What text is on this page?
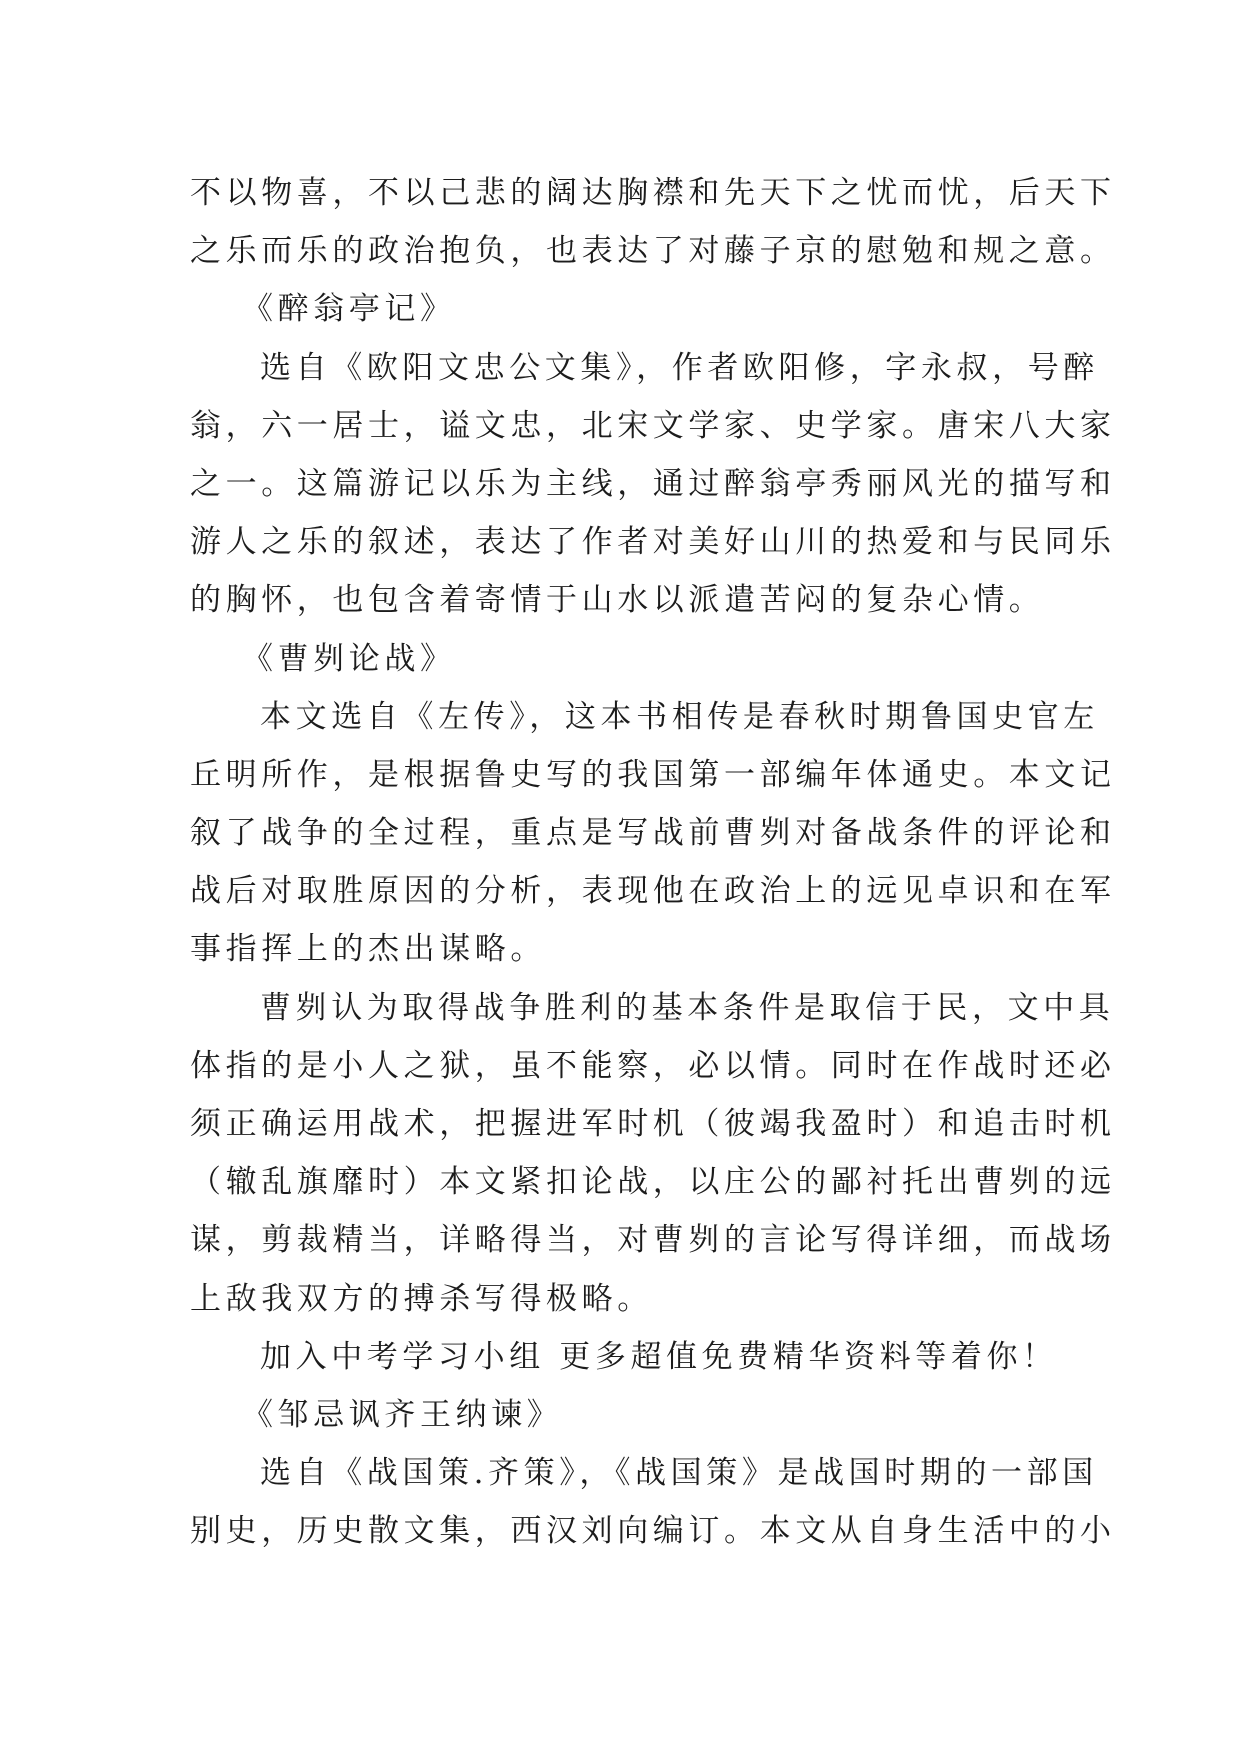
不以物喜，不以己悲的阔达胸襟和先天下之忧而忧，后天下
之乐而乐的政治抱负，也表达了对藤子京的慰勉和规之意。
《醉翁亭记》
选自《欧阳文忠公文集》，作者欧阳修，字永叔，号醉
翁，六一居士，谥文忠，北宋文学家、史学家。唐宋八大家
之一。这篇游记以乐为主线，通过醉翁亭秀丽风光的描写和
游人之乐的叙述，表达了作者对美好山川的热爱和与民同乐
的胸怀，也包含着寄情于山水以派遣苦闷的复杂心情。
《曹刿论战》
本文选自《左传》，这本书相传是春秋时期鲁国史官左
丘明所作，是根据鲁史写的我国第一部编年体通史。本文记
叙了战争的全过程，重点是写战前曹刿对备战条件的评论和
战后对取胜原因的分析，表现他在政治上的远见卓识和在军
事指挥上的杰出谋略。
曹刿认为取得战争胜利的基本条件是取信于民，文中具
体指的是小人之狱，虽不能察，必以情。同时在作战时还必
须正确运用战术，把握进军时机（彼竭我盈时）和追击时机
（辙乱旗靡时）本文紧扣论战，以庄公的鄙衬托出曹刿的远
谋，剪裁精当，详略得当，对曹刿的言论写得详细，而战场
上敌我双方的搏杀写得极略。
加入中考学习小组 更多超值免费精华资料等着你！
《邹忌讽齐王纳谏》
选自《战国策.齐策》，《战国策》是战国时期的一部国
别史，历史散文集，西汉刘向编订。本文从自身生活中的小
